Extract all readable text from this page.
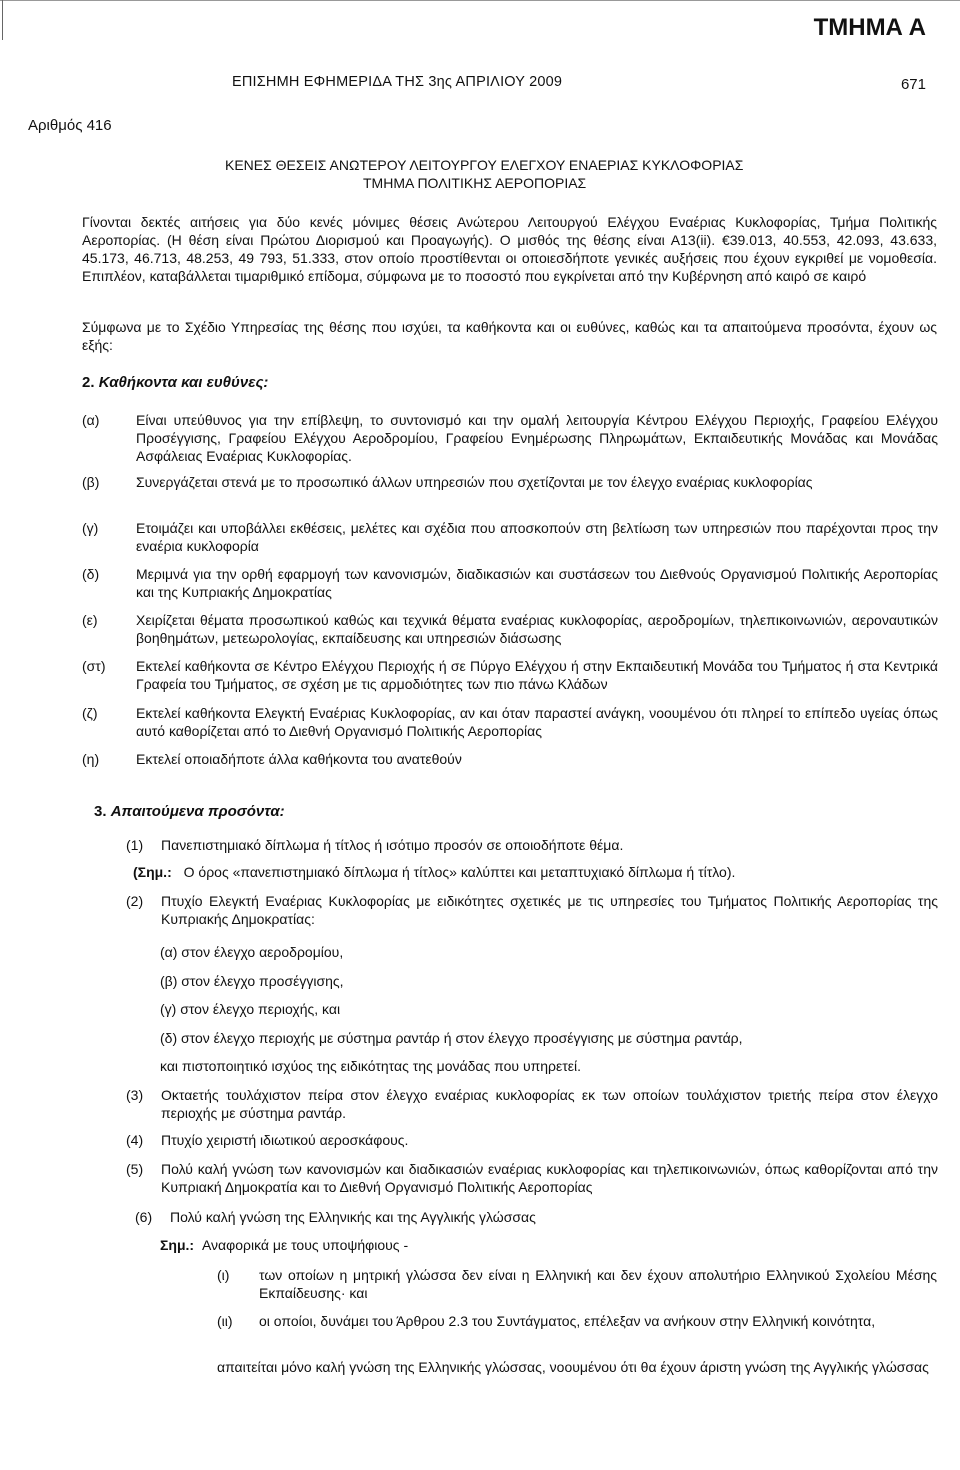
ΤΜΗΜΑ Α
ΕΠΙΣΗΜΗ ΕΦΗΜΕΡΙΔΑ ΤΗΣ 3ης ΑΠΡΙΛΙΟΥ 2009	671
Αριθμός 416
ΚΕΝΕΣ ΘΕΣΕΙΣ ΑΝΩΤΕΡΟΥ ΛΕΙΤΟΥΡΓΟΥ ΕΛΕΓΧΟΥ ΕΝΑΕΡΙΑΣ ΚΥΚΛΟΦΟΡΙΑΣ
ΤΜΗΜΑ ΠΟΛΙΤΙΚΗΣ ΑΕΡΟΠΟΡΙΑΣ
Γίνονται δεκτές αιτήσεις για δύο κενές μόνιμες θέσεις Ανώτερου Λειτουργού Ελέγχου Εναέριας Κυκλοφορίας, Τμήμα Πολιτικής Αεροπορίας. (Η θέση είναι Πρώτου Διορισμού και Προαγωγής). Ο μισθός της θέσης είναι Α13(ii). €39.013, 40.553, 42.093, 43.633, 45.173, 46.713, 48.253, 49 793, 51.333, στον οποίο προστίθενται οι οποιεσδήποτε γενικές αυξήσεις που έχουν εγκριθεί με νομοθεσία. Επιπλέον, καταβάλλεται τιμαριθμικό επίδομα, σύμφωνα με το ποσοστό που εγκρίνεται από την Κυβέρνηση από καιρό σε καιρό
Σύμφωνα με το Σχέδιο Υπηρεσίας της θέσης που ισχύει, τα καθήκοντα και οι ευθύνες, καθώς και τα απαιτούμενα προσόντα, έχουν ως εξής:
2. Καθήκοντα και ευθύνες:
(α)	Είναι υπεύθυνος για την επίβλεψη, το συντονισμό και την ομαλή λειτουργία Κέντρου Ελέγχου Περιοχής, Γραφείου Ελέγχου Προσέγγισης, Γραφείου Ελέγχου Αεροδρομίου, Γραφείου Ενημέρωσης Πληρωμάτων, Εκπαιδευτικής Μονάδας και Μονάδας Ασφάλειας Εναέριας Κυκλοφορίας.
(β)	Συνεργάζεται στενά με το προσωπικό άλλων υπηρεσιών που σχετίζονται με τον έλεγχο εναέριας κυκλοφορίας
(γ)	Ετοιμάζει και υποβάλλει εκθέσεις, μελέτες και σχέδια που αποσκοπούν στη βελτίωση των υπηρεσιών που παρέχονται προς την εναέρια κυκλοφορία
(δ)	Μεριμνά για την ορθή εφαρμογή των κανονισμών, διαδικασιών και συστάσεων του Διεθνούς Οργανισμού Πολιτικής Αεροπορίας και της Κυπριακής Δημοκρατίας
(ε)	Χειρίζεται θέματα προσωπικού καθώς και τεχνικά θέματα εναέριας κυκλοφορίας, αεροδρομίων, τηλεπικοινωνιών, αεροναυτικών βοηθημάτων, μετεωρολογίας, εκπαίδευσης και υπηρεσιών διάσωσης
(στ)	Εκτελεί καθήκοντα σε Κέντρο Ελέγχου Περιοχής ή σε Πύργο Ελέγχου ή στην Εκπαιδευτική Μονάδα του Τμήματος ή στα Κεντρικά Γραφεία του Τμήματος, σε σχέση με τις αρμοδιότητες των πιο πάνω Κλάδων
(ζ)	Εκτελεί καθήκοντα Ελεγκτή Εναέριας Κυκλοφορίας, αν και όταν παραστεί ανάγκη, νοουμένου ότι πληρεί το επίπεδο υγείας όπως αυτό καθορίζεται από το Διεθνή Οργανισμό Πολιτικής Αεροπορίας
(η)	Εκτελεί οποιαδήποτε άλλα καθήκοντα του ανατεθούν
3. Απαιτούμενα προσόντα:
(1)	Πανεπιστημιακό δίπλωμα ή τίτλος ή ισότιμο προσόν σε οποιοδήποτε θέμα.
(Σημ.: Ο όρος «πανεπιστημιακό δίπλωμα ή τίτλος» καλύπτει και μεταπτυχιακό δίπλωμα ή τίτλο).
(2)	Πτυχίο Ελεγκτή Εναέριας Κυκλοφορίας με ειδικότητες σχετικές με τις υπηρεσίες του Τμήματος Πολιτικής Αεροπορίας της Κυπριακής Δημοκρατίας:
(α) στον έλεγχο αεροδρομίου,
(β) στον έλεγχο προσέγγισης,
(γ) στον έλεγχο περιοχής, και
(δ) στον έλεγχο περιοχής με σύστημα ραντάρ ή στον έλεγχο προσέγγισης με σύστημα ραντάρ,
και πιστοποιητικό ισχύος της ειδικότητας της μονάδας που υπηρετεί.
(3)	Οκταετής τουλάχιστον πείρα στον έλεγχο εναέριας κυκλοφορίας εκ των οποίων τουλάχιστον τριετής πείρα στον έλεγχο περιοχής με σύστημα ραντάρ.
(4)	Πτυχίο χειριστή ιδιωτικού αεροσκάφους.
(5)	Πολύ καλή γνώση των κανονισμών και διαδικασιών εναέριας κυκλοφορίας και τηλεπικοινωνιών, όπως καθορίζονται από την Κυπριακή Δημοκρατία και το Διεθνή Οργανισμό Πολιτικής Αεροπορίας
(6)	Πολύ καλή γνώση της Ελληνικής και της Αγγλικής γλώσσας
Σημ.: Αναφορικά με τους υποψήφιους -
(ι)	των οποίων η μητρική γλώσσα δεν είναι η Ελληνική και δεν έχουν απολυτήριο Ελληνικού Σχολείου Μέσης Εκπαίδευσης· και
(ιι)	οι οποίοι, δυνάμει του Άρθρου 2.3 του Συντάγματος, επέλεξαν να ανήκουν στην Ελληνική κοινότητα,
απαιτείται μόνο καλή γνώση της Ελληνικής γλώσσας, νοουμένου ότι θα έχουν άριστη γνώση της Αγγλικής γλώσσας
